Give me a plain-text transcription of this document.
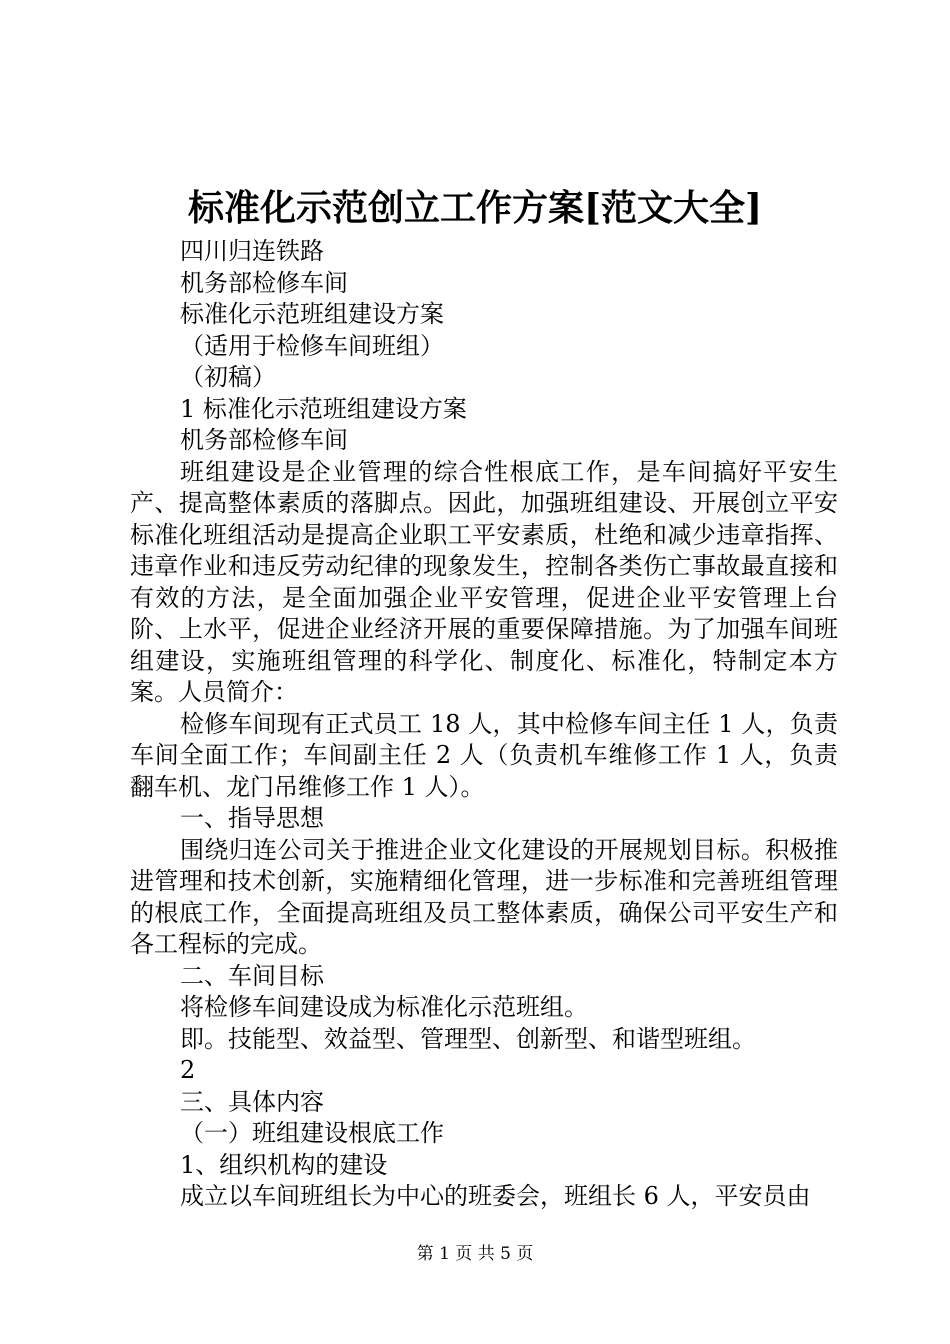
标准化示范创立工作方案[范文大全]

四川归连铁路

机务部检修车间

标准化示范班组建设方案

（适用于检修车间班组）

（初稿）

1 标准化示范班组建设方案

机务部检修车间

班组建设是企业管理的综合性根底工作，是车间搞好平安生产、提高整体素质的落脚点。因此，加强班组建设、开展创立平安标准化班组活动是提高企业职工平安素质，杜绝和减少违章指挥、违章作业和违反劳动纪律的现象发生，控制各类伤亡事故最直接和有效的方法，是全面加强企业平安管理，促进企业平安管理上台阶、上水平，促进企业经济开展的重要保障措施。为了加强车间班组建设，实施班组管理的科学化、制度化、标准化，特制定本方案。人员简介：

检修车间现有正式员工 18 人，其中检修车间主任 1 人，负责车间全面工作；车间副主任 2 人（负责机车维修工作 1 人，负责翻车机、龙门吊维修工作 1 人）。

一、指导思想

围绕归连公司关于推进企业文化建设的开展规划目标。积极推进管理和技术创新，实施精细化管理，进一步标准和完善班组管理的根底工作，全面提高班组及员工整体素质，确保公司平安生产和各工程标的完成。

二、车间目标

将检修车间建设成为标准化示范班组。

即。技能型、效益型、管理型、创新型、和谐型班组。

2

三、具体内容

（一）班组建设根底工作

1、组织机构的建设

成立以车间班组长为中心的班委会，班组长 6 人，平安员由

第 1 页 共 5 页
